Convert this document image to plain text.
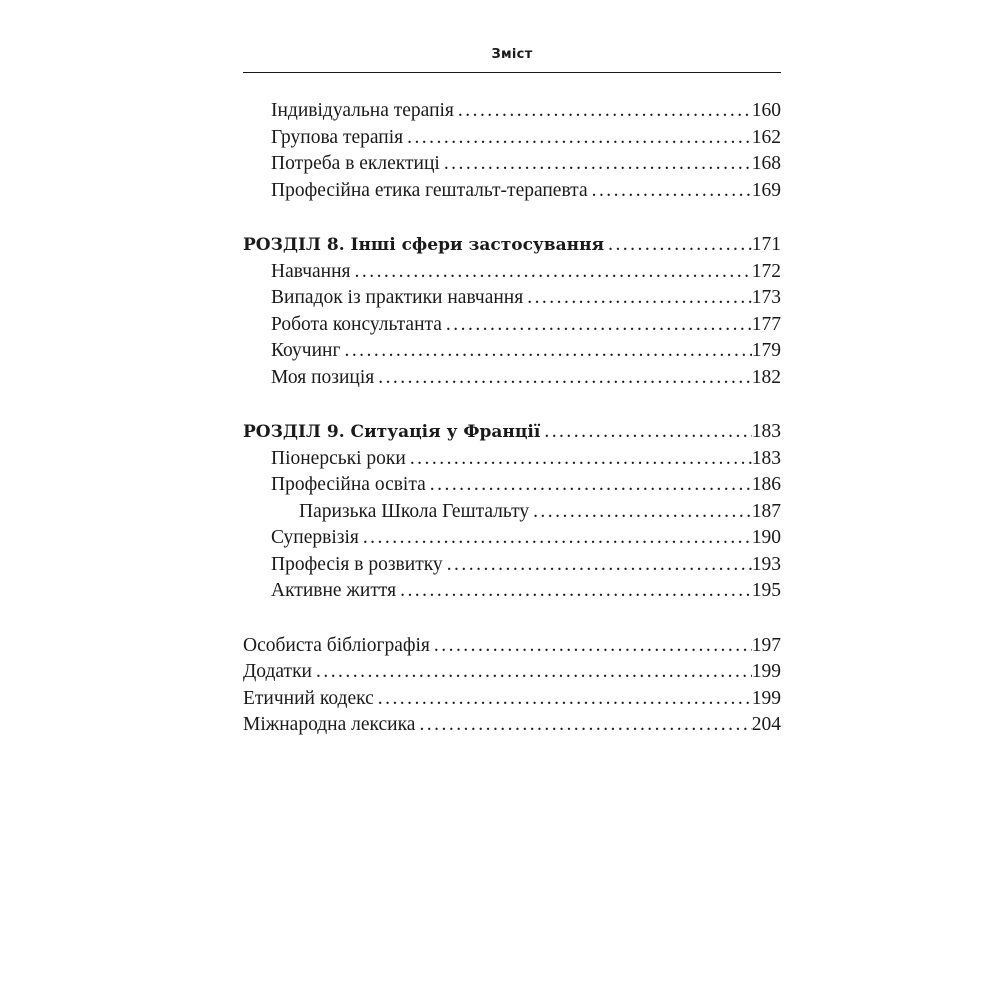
Зміст
Індивідуальна терапія . . .	160
Групова терапія . . .	162
Потреба в еклектиці . . .	168
Професійна етика гештальт-терапевта . . .	169
РОЗДІЛ 8. Інші сфери застосування . . .	171
Навчання . . .	172
Випадок із практики навчання . . .	173
Робота консультанта . . .	177
Коучинг . . .	179
Моя позиція . . .	182
РОЗДІЛ 9. Ситуація у Франції . . .	183
Піонерські роки . . .	183
Професійна освіта . . .	186
Паризька Школа Гештальту . . .	187
Супервізія . . .	190
Професія в розвитку . . .	193
Активне життя . . .	195
Особиста бібліографія . . .	197
Додатки . . .	199
Етичний кодекс . . .	199
Міжнародна лексика . . .	204
